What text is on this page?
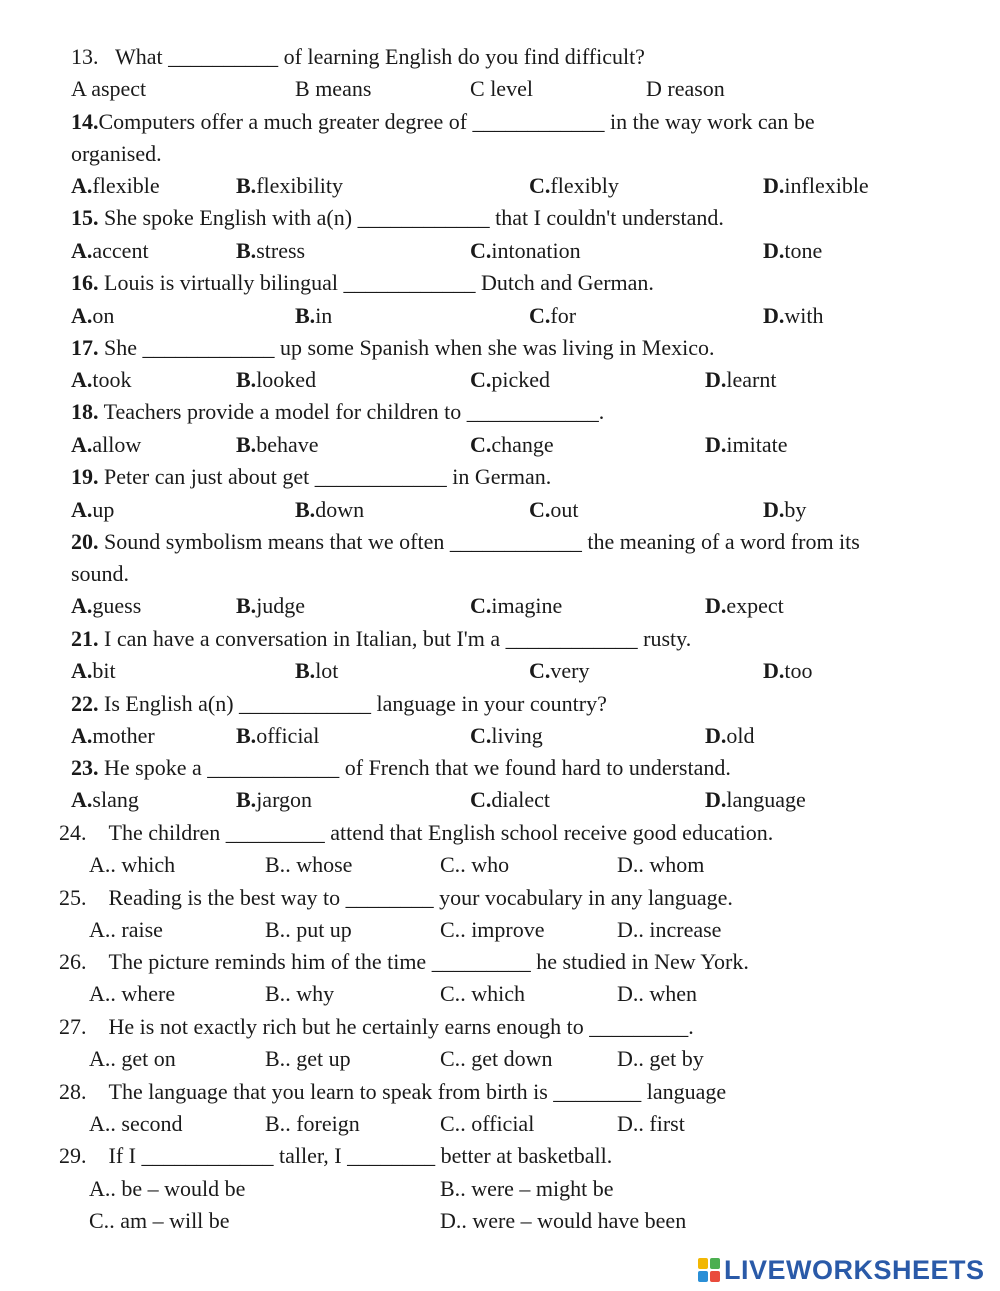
13. What __________ of learning English do you find difficult?
A aspect	B means	C level	D reason
14.Computers offer a much greater degree of ____________ in the way work can be
organised.
A.flexible	B.flexibility	C.flexibly	D.inflexible
15. She spoke English with a(n) ____________ that I couldn't understand.
A.accent	B.stress	C.intonation	D.tone
16. Louis is virtually bilingual ____________ Dutch and German.
A.on	B.in	C.for	D.with
17. She ____________ up some Spanish when she was living in Mexico.
A.took	B.looked	C.picked	D.learnt
18. Teachers provide a model for children to ____________.
A.allow	B.behave	C.change	D.imitate
19. Peter can just about get ____________ in German.
A.up	B.down	C.out	D.by
20. Sound symbolism means that we often ____________ the meaning of a word from its
sound.
A.guess	B.judge	C.imagine	D.expect
21. I can have a conversation in Italian, but I'm a ____________ rusty.
A.bit	B.lot	C.very	D.too
22. Is English a(n) ____________ language in your country?
A.mother	B.official	C.living	D.old
23. He spoke a ____________ of French that we found hard to understand.
A.slang	B.jargon	C.dialect	D.language
24. The children _________ attend that English school receive good education.
A.. which	B.. whose	C.. who	D.. whom
25. Reading is the best way to ________ your vocabulary in any language.
A.. raise	B.. put up	C.. improve	D.. increase
26. The picture reminds him of the time _________ he studied in New York.
A.. where	B.. why	C.. which	D.. when
27. He is not exactly rich but he certainly earns enough to _________.
A.. get on	B.. get up	C.. get down	D.. get by
28. The language that you learn to speak from birth is ________ language
A.. second	B.. foreign	C.. official	D.. first
29. If I ____________ taller, I ________ better at basketball.
A.. be – would be	B.. were – might be
C.. am – will be	D.. were – would have been
LIVEWORKSHEETS
